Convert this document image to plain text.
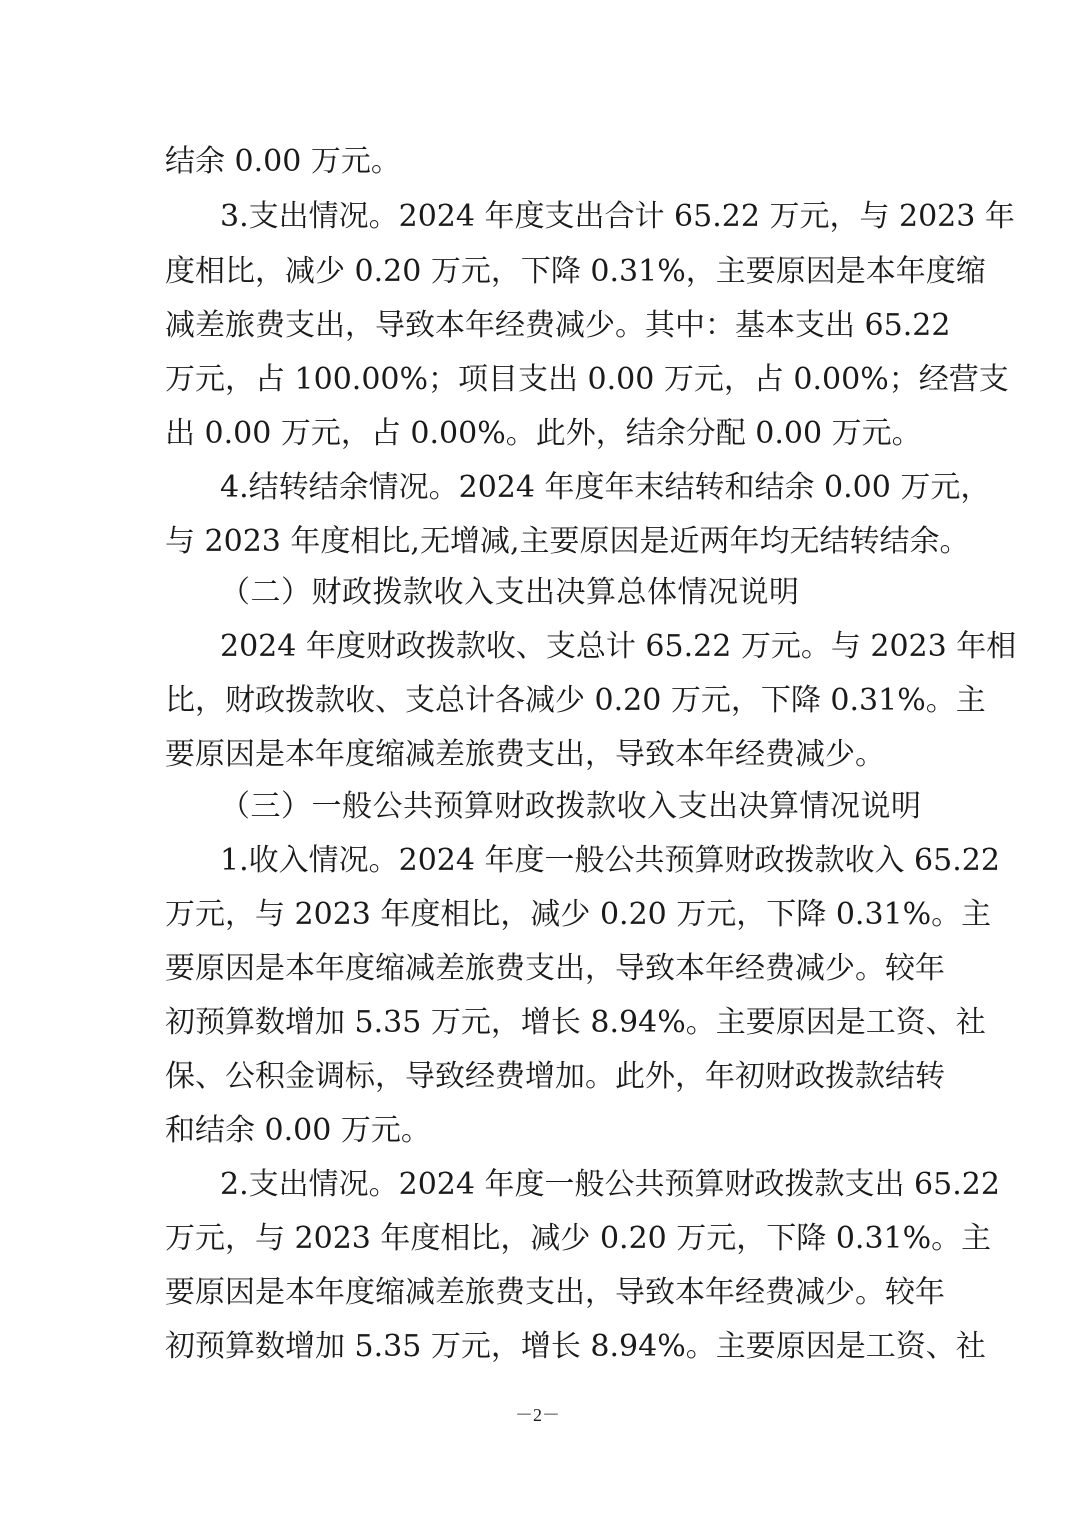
结余 0.00 万元。
3.支出情况。2024 年度支出合计 65.22 万元，与 2023 年
度相比，减少 0.20 万元，下降 0.31%，主要原因是本年度缩
减差旅费支出，导致本年经费减少。其中：基本支出 65.22
万元，占 100.00%；项目支出 0.00 万元，占 0.00%；经营支
出 0.00 万元，占 0.00%。此外，结余分配 0.00 万元。
4.结转结余情况。2024 年度年末结转和结余 0.00 万元，
与 2023 年度相比,无增减,主要原因是近两年均无结转结余。
（二）财政拨款收入支出决算总体情况说明
2024 年度财政拨款收、支总计 65.22 万元。与 2023 年相
比，财政拨款收、支总计各减少 0.20 万元，下降 0.31%。主
要原因是本年度缩减差旅费支出，导致本年经费减少。
（三）一般公共预算财政拨款收入支出决算情况说明
1.收入情况。2024 年度一般公共预算财政拨款收入 65.22
万元，与 2023 年度相比，减少 0.20 万元，下降 0.31%。主
要原因是本年度缩减差旅费支出，导致本年经费减少。较年
初预算数增加 5.35 万元，增长 8.94%。主要原因是工资、社
保、公积金调标，导致经费增加。此外，年初财政拨款结转
和结余 0.00 万元。
2.支出情况。2024 年度一般公共预算财政拨款支出 65.22
万元，与 2023 年度相比，减少 0.20 万元，下降 0.31%。主
要原因是本年度缩减差旅费支出，导致本年经费减少。较年
初预算数增加 5.35 万元，增长 8.94%。主要原因是工资、社
－2－
